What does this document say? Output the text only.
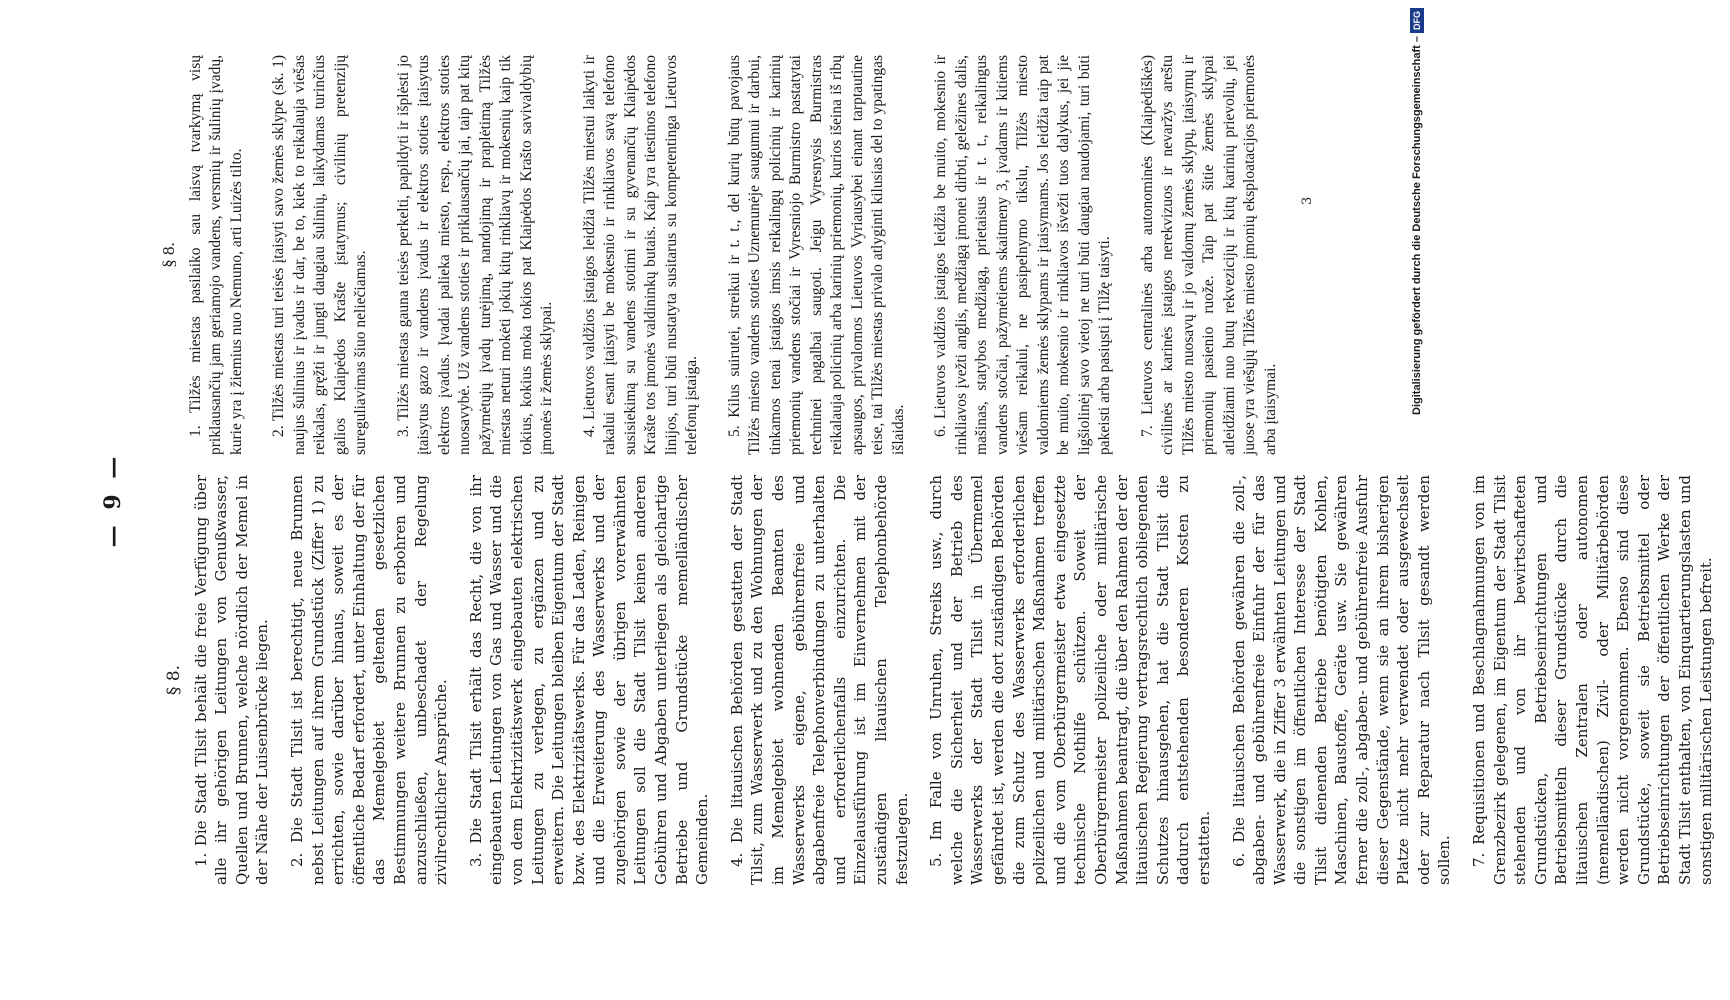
— 9 —
§ 8. 1. Die Stadt Tilsit behält die freie Verfügung über alle ihr gehörigen Leitungen von Genußwasser, Quellen und Brunnen, welche nördlich der Memel in der Nähe der Luisenbrücke liegen. 2. Die Stadt Tilsit ist berechtigt, neue Brunnen nebst Leitungen auf ihrem Grundstück (Ziffer 1) zu errichten, sowie darüber hinaus, soweit es der öffentliche Bedarf erfordert, unter Einhaltung der für das Memelgebiet geltenden gesetzlichen Bestimmungen weitere Brunnen zu erbohren und anzuschließen, unbeschadet der Regelung zivilrechtlicher Ansprüche. 3. Die Stadt Tilsit erhält das Recht, die von ihr eingebauten Leitungen von Gas und Wasser und die von dem Elektrizitätswerk eingebauten elektrischen Leitungen zu verlegen, zu ergänzen und zu erweitern. Die Leitungen bleiben Eigentum der Stadt bzw. des Elektrizitätswerks. Für das Laden, Reinigen und die Erweiterung des Wasserwerks und der zugehörigen sowie der übrigen vorerwähnten Leitungen soll die Stadt Tilsit keinen anderen Gebühren und Abgaben unterliegen als gleichartige Betriebe und Grundstücke memelländischer Gemeinden. 4. Die litauischen Behörden gestatten der Stadt Tilsit, zum Wasserwerk und zu den Wohnungen der im Memelgebiet wohnenden Beamten des Wasserwerks eigene, gebührenfreie und abgabenfreie Telephonverbindungen zu unterhalten und erforderlichenfalls einzurichten. Die Einzelausführung ist im Einvernehmen mit der zuständigen litauischen Telephonbehörde festzulegen. 5. Im Falle von Unruhen, Streiks usw., durch welche die Sicherheit und der Betrieb des Wasserwerks der Stadt Tilsit in Übermemel gefährdet ist, werden die dort zuständigen Behörden die zum Schutz des Wasserwerks erforderlichen polizeilichen und militärischen Maßnahmen treffen und die vom Oberbürgermeister etwa eingesetzte technische Nothilfe schützen. Soweit der Oberbürgermeister polizeiliche oder militärische Maßnahmen beantragt, die über den Rahmen der der litauischen Regierung vertragsrechtlich obliegenden Schutzes hinausgehen, hat die Stadt Tilsit die dadurch entstehenden besonderen Kosten zu erstatten. 6. Die litauischen Behörden gewähren die zoll-, abgaben- und gebührenfreie Einfuhr der für das Wasserwerk, die in Ziffer 3 erwähnten Leitungen und die sonstigen im öffentlichen Interesse der Stadt Tilsit dienenden Betriebe benötigten Kohlen, Maschinen, Baustoffe, Geräte usw. Sie gewähren ferner die zoll-, abgaben- und gebührenfreie Ausfuhr dieser Gegenstände, wenn sie an ihrem bisherigen Platze nicht mehr verwendet oder ausgewechselt oder zur Reparatur nach Tilsit gesandt werden sollen. 7. Requisitionen und Beschlagnahmungen von im Grenzbezirk gelegenen, im Eigentum der Stadt Tilsit stehenden und von ihr bewirtschafteten Grundstücken, Betriebseinrichtungen und Betriebsmitteln dieser Grundstücke durch die litauischen Zentralen oder autonomen (memelländischen) Zivil- oder Militärbehörden werden nicht vorgenommen. Ebenso sind diese Grundstücke, soweit sie Betriebsmittel oder Betriebseinrichtungen der öffentlichen Werke der Stadt Tilsit enthalten, von Einquartierungslasten und sonstigen militärischen Leistungen befreit.

§ 8. 1. Tilžės miestas pasilaiko sau laisvą tvarkymą visų priklausančių jam geriamojo vandens, versmių ir šulinių įvadų, kurie yra į žiemius nuo Nemuno, arti Luizės tilto. 2. Tilžės miestas turi teisės įtaisyti savo žemės sklype (sk. 1) naujus šulinius ir įvadus ir dar, be to, kiek to reikalauja viešas reikalas, gręžti ir jungti daugiau šulinių, laikydamas turinčius galios Klaipėdos Krašte įstatymus; civilinių pretenzijų sureguliavimas šiuo neliečiamas. 3. Tilžės miestas gauna teisės perkelti, papildyti ir išplėsti jo įtaisytus gazo ir vandens įvadus ir elektros stoties įtaisytus elektros įvadus. Įvadai palieka miesto, resp., elektros stoties nuosavybė. Už vandens stoties ir priklausančių jai, taip pat kitų pažymėtųjų įvadų turėjimą, nandojimą ir praplėtimą Tilžės miestas neturi mokėti jokių kitų rinkliavų ir mokesnių kaip tik tokius, kokius moka tokios pat Klaipėdos Krašto savivaldybių įmonės ir žemės sklypai. 4. Lietuvos valdžios įstaigos leidžia Tilžės miestui laikyti ir rakalui esant įtaisyti be mokesnio ir rinkliavos savą telefono susisiekimą su vandens stotimi ir su gyvenančių Klaipėdos Krašte tos įmonės valdininkų butais. Kaip yra tiestinos telefono linijos, turi būti nustatyta susitarus su kompetentinga Lietuvos telefonų įstaiga. 5. Kilus suirutei, streikui ir t. t., del kurių būtų pavojaus Tilžės miesto vandens stoties Uznemunėje saugumui ir darbui, tinkamos tenai įstaigos imsis reikalingų policinių ir karinių priemonių vandens stočiai ir Vyresniojo Burmistro pastatytai techninei pagalbai saugoti. Jeigu Vyresnysis Burmistras reikalauja policinių arba karinių priemonių, kurios išeina iš ribų apsaugos, privalomos Lietuvos Vyriausybei einant tarptautine teise, tai Tilžės miestas privalo atlyginti kilusias del to ypatingas išlaidas. 6. Lietuvos valdžios įstaigos leidžia be muito, mokesnio ir rinkliavos įvežti anglis, medžiagą įmonei dirbti, geležines dalis, mašinas, statybos medžiagą, prietaisus ir t. t., reikalingus vandens stočiai, pažymėtiems skaitmeny 3, įvadams ir kitiems viešam reikalui, ne pasipelnymo tikslu, Tilžės miesto valdomiems žemės sklypams ir įtaisymams. Jos leidžia taip pat be muito, mokesnio ir rinkliavos išvežti tuos dalykus, jei jie ligšiolinėj savo vietoj ne turi būti daugiau naudojami, turi būti pakeisti arba pasiųsti į Tilžę taisyti. 7. Lietuvos centralinės arba autonominės (Klaipėdiškės) civilinės ar karinės įstaigos nerekvizuos ir nevaržys areštu Tilžės miesto nuosavų ir jo valdomų žemės sklypų, įtaisymų ir priemonių pasienio ruože. Taip pat šitie žemės sklypai atleidžiami nuo butų rekvezicijų ir kitų karinių prievolių, jei juose yra viešųjų Tilžės miesto įmonių eksploatacijos priemonės arba įtaisymai.

3	Digitalisierung gefördert durch die Deutsche Forschungsgemeinschaft –DFG
